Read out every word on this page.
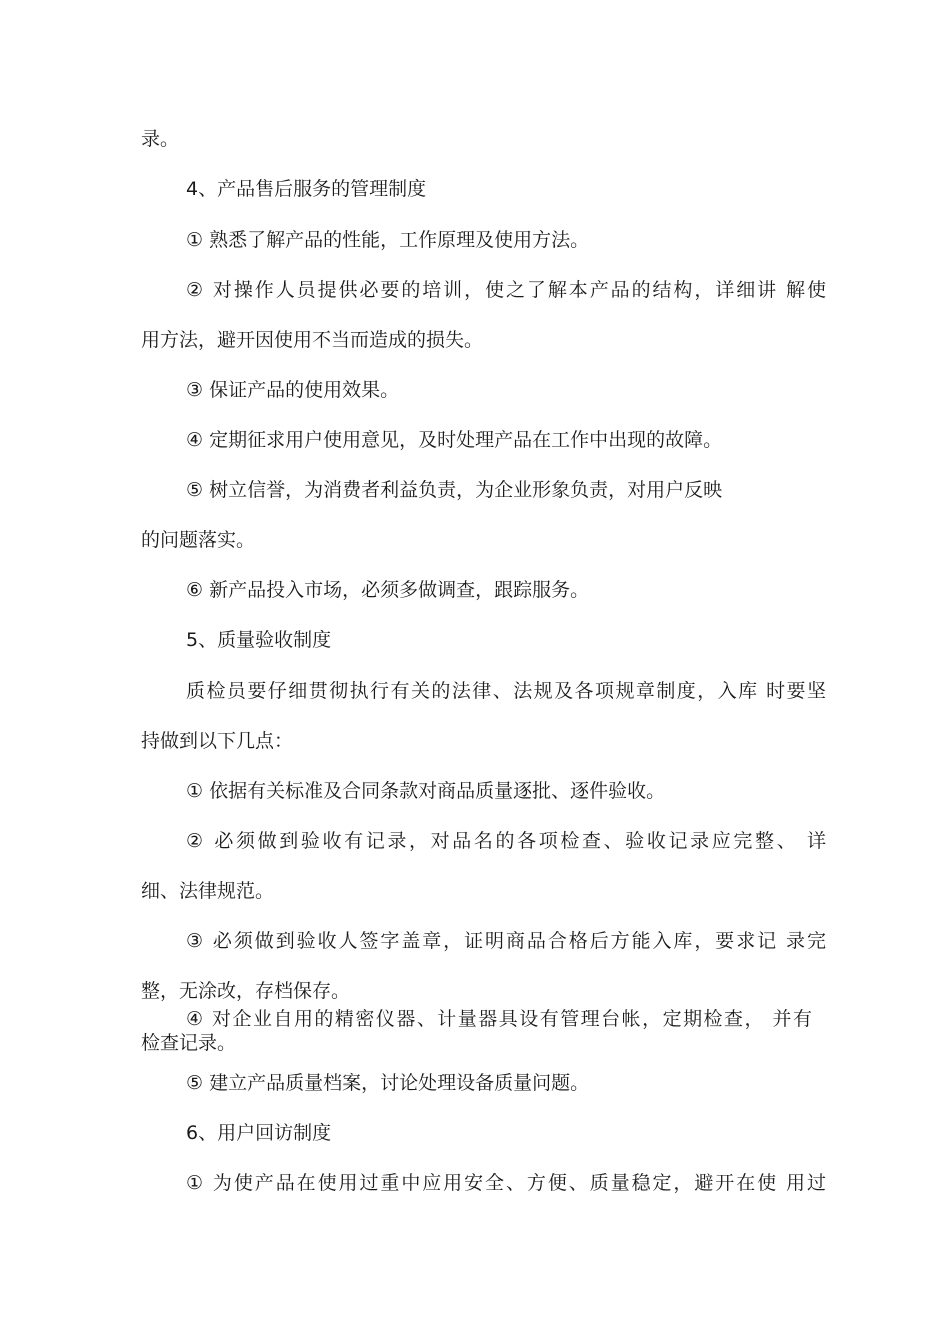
录。
4、产品售后服务的管理制度
① 熟悉了解产品的性能，工作原理及使用方法。
② 对操作人员提供必要的培训，使之了解本产品的结构，详细讲 解使
用方法，避开因使用不当而造成的损失。
③ 保证产品的使用效果。
④ 定期征求用户使用意见，及时处理产品在工作中出现的故障。
⑤ 树立信誉，为消费者利益负责，为企业形象负责，对用户反映
的问题落实。
⑥ 新产品投入市场，必须多做调查，跟踪服务。
5、质量验收制度
质检员要仔细贯彻执行有关的法律、法规及各项规章制度，入库 时要坚
持做到以下几点：
① 依据有关标准及合同条款对商品质量逐批、逐件验收。
② 必须做到验收有记录，对品名的各项检查、验收记录应完整、 详
细、法律规范。
③ 必须做到验收人签字盖章，证明商品合格后方能入库，要求记 录完
整，无涂改，存档保存。
④ 对企业自用的精密仪器、计量器具设有管理台帐，定期检查， 并有
检查记录。
⑤ 建立产品质量档案，讨论处理设备质量问题。
6、用户回访制度
① 为使产品在使用过重中应用安全、方便、质量稳定，避开在使 用过
